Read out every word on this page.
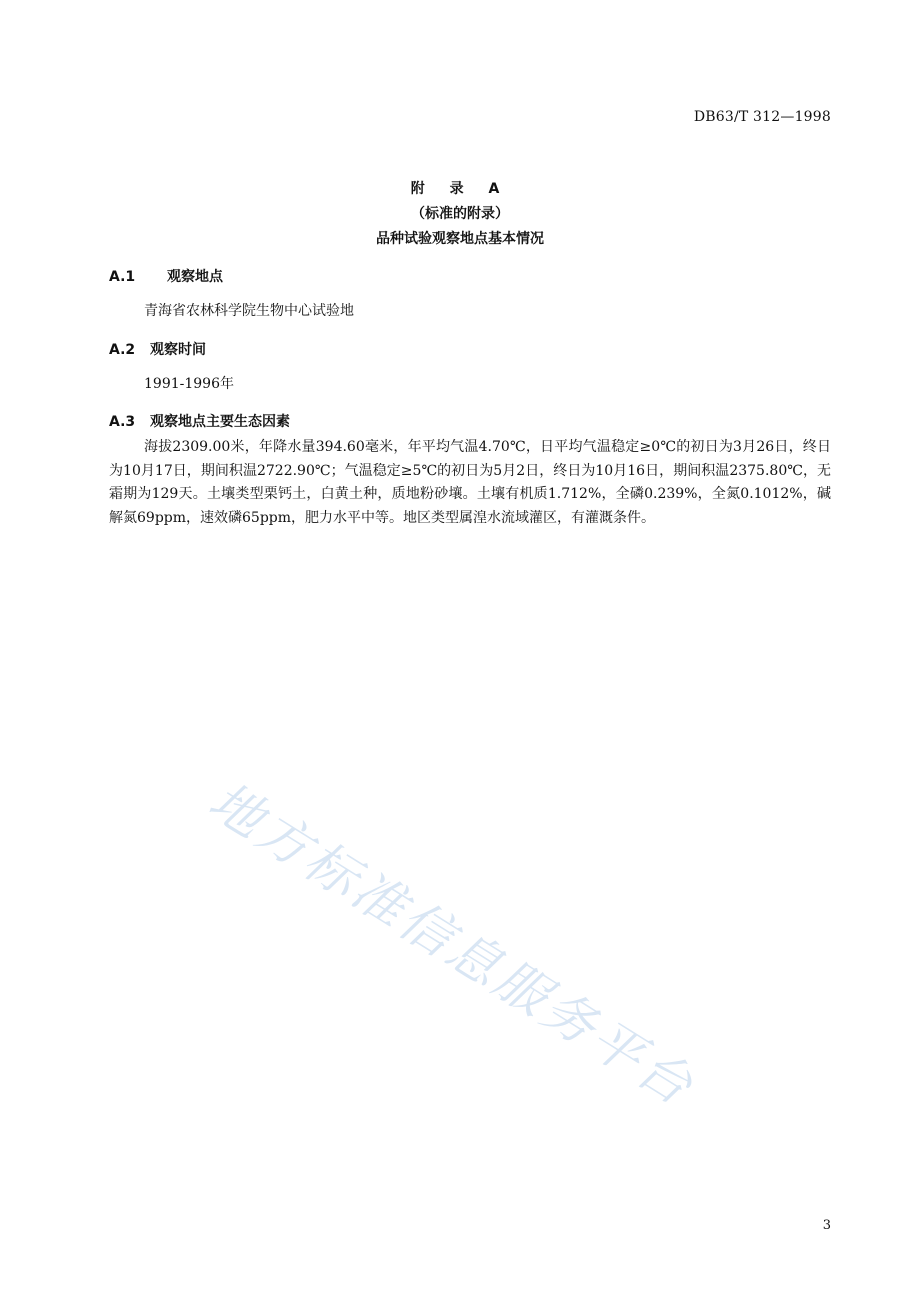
DB63/T 312—1998
附 录 A
（标准的附录）
品种试验观察地点基本情况
A.1 观察地点

青海省农林科学院生物中心试验地

A.2 观察时间

1991-1996年

A.3 观察地点主要生态因素

海拔2309.00米，年降水量394.60毫米，年平均气温4.70℃，日平均气温稳定≥0℃的初日为3月26日，终日为10月17日，期间积温2722.90℃；气温稳定≥5℃的初日为5月2日，终日为10月16日，期间积温2375.80℃，无霜期为129天。土壤类型栗钙土，白黄土种，质地粉砂壤。土壤有机质1.712%，全磷0.239%，全氮0.1012%，碱解氮69ppm，速效磷65ppm，肥力水平中等。地区类型属湟水流域灌区，有灌溉条件。

地方标准信息服务平台
3
